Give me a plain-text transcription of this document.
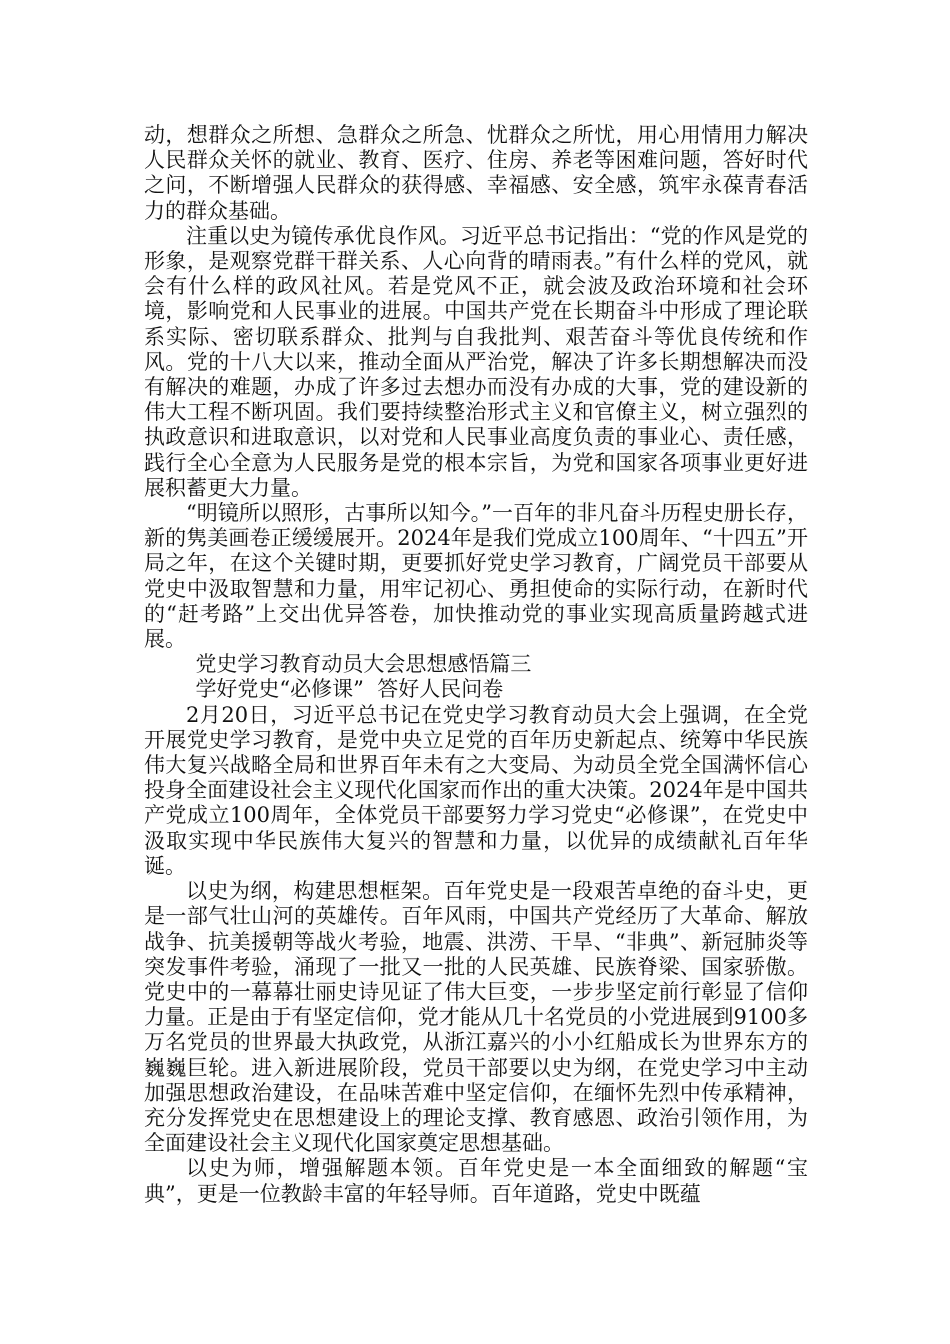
动，想群众之所想、急群众之所急、忧群众之所忧，用心用情用力解决人民群众关怀的就业、教育、医疗、住房、养老等困难问题，答好时代之问，不断增强人民群众的获得感、幸福感、安全感，筑牢永葆青春活力的群众基础。

注重以史为镜传承优良作风。习近平总书记指出：“党的作风是党的形象，是观察党群干群关系、人心向背的晴雨表。”有什么样的党风，就会有什么样的政风社风。若是党风不正，就会波及政治环境和社会环境，影响党和人民事业的进展。中国共产党在长期奋斗中形成了理论联系实际、密切联系群众、批判与自我批判、艰苦奋斗等优良传统和作风。党的十八大以来，推动全面从严治党，解决了许多长期想解决而没有解决的难题，办成了许多过去想办而没有办成的大事，党的建设新的伟大工程不断巩固。我们要持续整治形式主义和官僚主义，树立强烈的执政意识和进取意识，以对党和人民事业高度负责的事业心、责任感，践行全心全意为人民服务是党的根本宗旨，为党和国家各项事业更好进展积蓄更大力量。

“明镜所以照形，古事所以知今。”一百年的非凡奋斗历程史册长存，新的隽美画卷正缓缓展开。2024年是我们党成立100周年、“十四五”开局之年，在这个关键时期，更要抓好党史学习教育，广阔党员干部要从党史中汲取智慧和力量，用牢记初心、勇担使命的实际行动，在新时代的“赶考路”上交出优异答卷，加快推动党的事业实现高质量跨越式进展。

党史学习教育动员大会思想感悟篇三

学好党史“必修课”  答好人民问卷

2月20日，习近平总书记在党史学习教育动员大会上强调，在全党开展党史学习教育，是党中央立足党的百年历史新起点、统筹中华民族伟大复兴战略全局和世界百年未有之大变局、为动员全党全国满怀信心投身全面建设社会主义现代化国家而作出的重大决策。2024年是中国共产党成立100周年，全体党员干部要努力学习党史“必修课”，在党史中汲取实现中华民族伟大复兴的智慧和力量，以优异的成绩献礼百年华诞。

以史为纲，构建思想框架。百年党史是一段艰苦卓绝的奋斗史，更是一部气壮山河的英雄传。百年风雨，中国共产党经历了大革命、解放战争、抗美援朝等战火考验，地震、洪涝、干旱、“非典”、新冠肺炎等突发事件考验，涌现了一批又一批的人民英雄、民族脊梁、国家骄傲。党史中的一幕幕壮丽史诗见证了伟大巨变，一步步坚定前行彰显了信仰力量。正是由于有坚定信仰，党才能从几十名党员的小党进展到9100多万名党员的世界最大执政党，从浙江嘉兴的小小红船成长为世界东方的巍巍巨轮。进入新进展阶段，党员干部要以史为纲，在党史学习中主动加强思想政治建设，在品味苦难中坚定信仰，在缅怀先烈中传承精神，充分发挥党史在思想建设上的理论支撑、教育感恩、政治引领作用，为全面建设社会主义现代化国家奠定思想基础。

以史为师，增强解题本领。百年党史是一本全面细致的解题“宝典”，更是一位教龄丰富的年轻导师。百年道路，党史中既蕴
